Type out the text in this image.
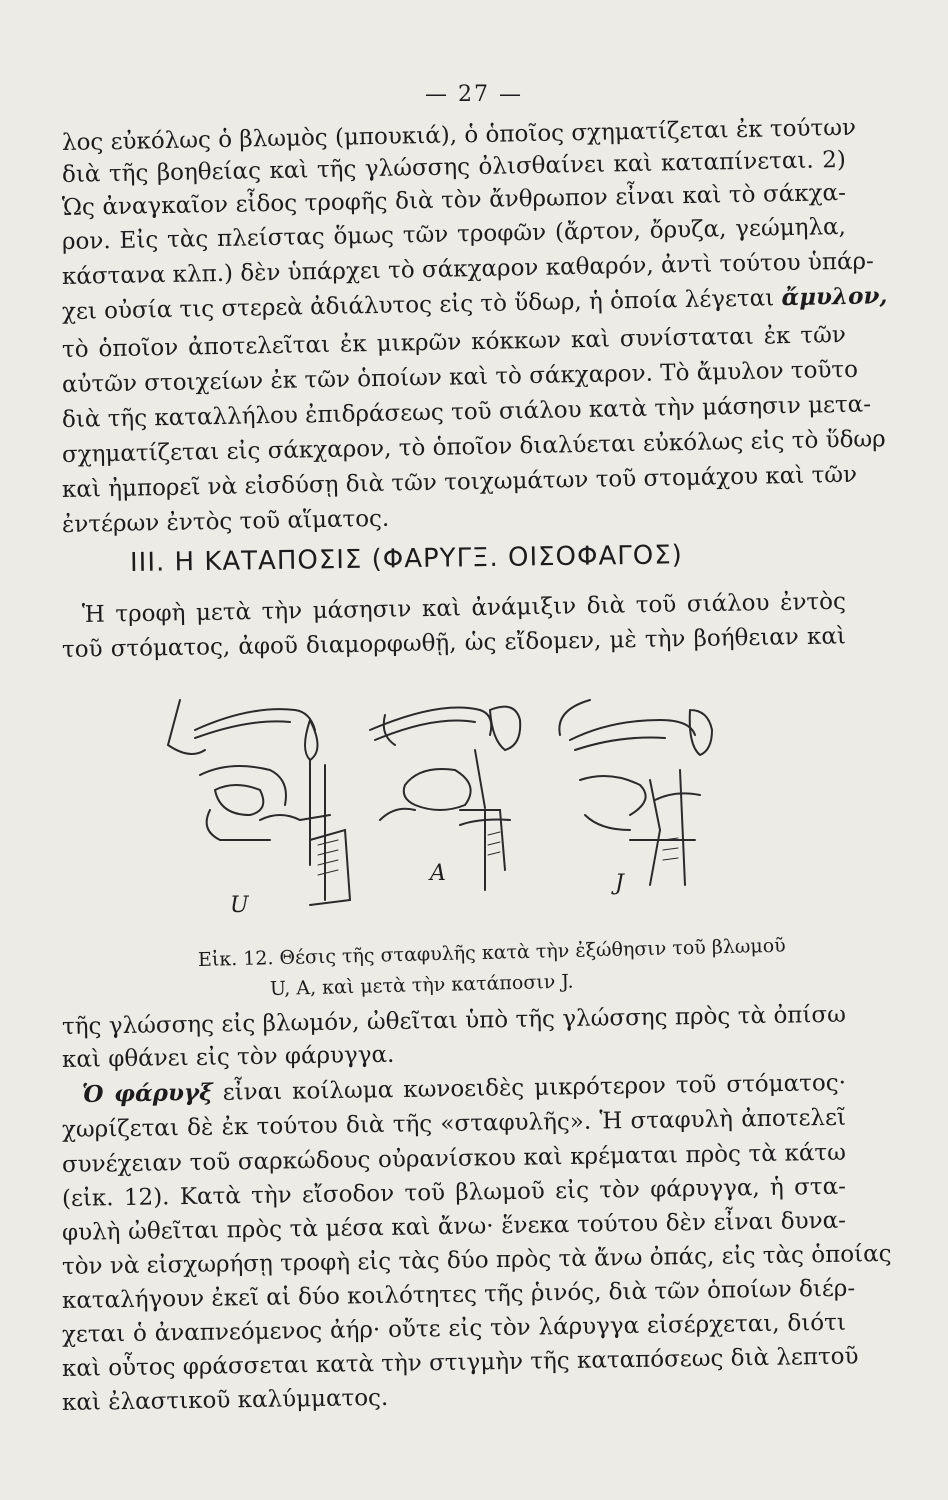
— 27 —
λος εὐκόλως ὁ βλωμὸς (μπουκιά), ὁ ὁποῖος σχηματίζεται ἐκ τούτων
διὰ τῆς βοηθείας καὶ τῆς γλώσσης ὀλισθαίνει καὶ καταπίνεται. 2)
Ὡς ἀναγκαῖον εἶδος τροφῆς διὰ τὸν ἄνθρωπον εἶναι καὶ τὸ σάκχα-
ρον. Εἰς τὰς πλείστας ὅμως τῶν τροφῶν (ἄρτον, ὄρυζα, γεώμηλα,
κάστανα κλπ.) δὲν ὑπάρχει τὸ σάκχαρον καθαρόν, ἀντὶ τούτου ὑπάρ-
χει οὐσία τις στερεὰ ἀδιάλυτος εἰς τὸ ὕδωρ, ἡ ὁποία λέγεται ἄμυλον,
τὸ ὁποῖον ἀποτελεῖται ἐκ μικρῶν κόκκων καὶ συνίσταται ἐκ τῶν
αὐτῶν στοιχείων ἐκ τῶν ὁποίων καὶ τὸ σάκχαρον. Τὸ ἄμυλον τοῦτο
διὰ τῆς καταλλήλου ἐπιδράσεως τοῦ σιάλου κατὰ τὴν μάσησιν μετα-
σχηματίζεται εἰς σάκχαρον, τὸ ὁποῖον διαλύεται εὐκόλως εἰς τὸ ὕδωρ
καὶ ἠμπορεῖ νὰ εἰσδύσῃ διὰ τῶν τοιχωμάτων τοῦ στομάχου καὶ τῶν
ἐντέρων ἐντὸς τοῦ αἵματος.
III. Η ΚΑΤΑΠΟΣΙΣ (ΦΑΡΥΓΞ. ΟΙΣΟΦΑΓΟΣ)
Ἡ τροφὴ μετὰ τὴν μάσησιν καὶ ἀνάμιξιν διὰ τοῦ σιάλου ἐντὸς
τοῦ στόματος, ἀφοῦ διαμορφωθῇ, ὡς εἴδομεν, μὲ τὴν βοήθειαν καὶ
U
A	J
Εἰκ. 12. Θέσις τῆς σταφυλῆς κατὰ τὴν ἐξώθησιν τοῦ βλωμοῦ
U, A, καὶ μετὰ τὴν κατάποσιν J.
τῆς γλώσσης εἰς βλωμόν, ὠθεῖται ὑπὸ τῆς γλώσσης πρὸς τὰ ὀπίσω
καὶ φθάνει εἰς τὸν φάρυγγα.
Ὁ φάρυγξ εἶναι κοίλωμα κωνοειδὲς μικρότερον τοῦ στόματος·
χωρίζεται δὲ ἐκ τούτου διὰ τῆς «σταφυλῆς». Ἡ σταφυλὴ ἀποτελεῖ
συνέχειαν τοῦ σαρκώδους οὐρανίσκου καὶ κρέμαται πρὸς τὰ κάτω
(εἰκ. 12). Κατὰ τὴν εἴσοδον τοῦ βλωμοῦ εἰς τὸν φάρυγγα, ἡ στα-
φυλὴ ὠθεῖται πρὸς τὰ μέσα καὶ ἄνω· ἕνεκα τούτου δὲν εἶναι δυνα-
τὸν νὰ εἰσχωρήσῃ τροφὴ εἰς τὰς δύο πρὸς τὰ ἄνω ὀπάς, εἰς τὰς ὁποίας
καταλήγουν ἐκεῖ αἱ δύο κοιλότητες τῆς ῥινός, διὰ τῶν ὁποίων διέρ-
χεται ὁ ἀναπνεόμενος ἀήρ· οὔτε εἰς τὸν λάρυγγα εἰσέρχεται, διότι
καὶ οὗτος φράσσεται κατὰ τὴν στιγμὴν τῆς καταπόσεως διὰ λεπτοῦ
καὶ ἐλαστικοῦ καλύμματος.
